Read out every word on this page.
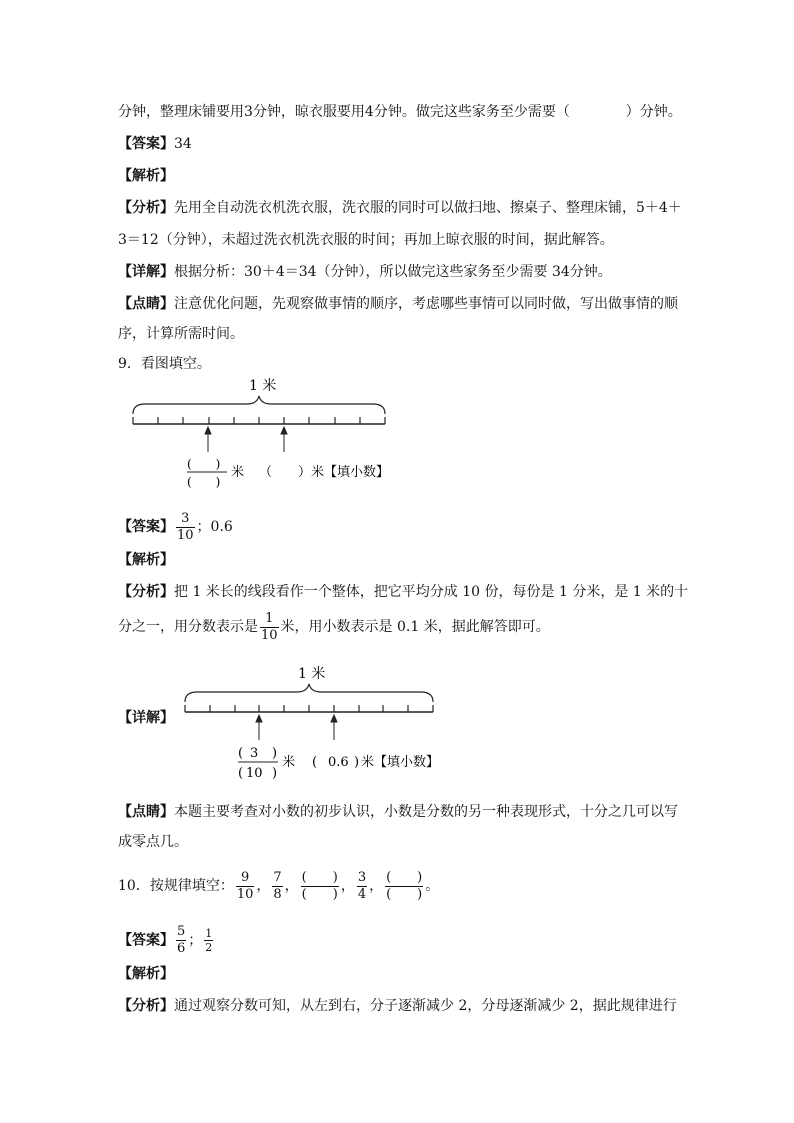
分钟，整理床铺要用3分钟，晾衣服要用4分钟。做完这些家务至少需要（　　　　）分钟。
【答案】34
【解析】
【分析】先用全自动洗衣机洗衣服，洗衣服的同时可以做扫地、擦桌子、整理床铺，5＋4＋
3＝12（分钟），未超过洗衣机洗衣服的时间；再加上晾衣服的时间，据此解答。
【详解】根据分析：30＋4＝34（分钟），所以做完这些家务至少需要 34分钟。
【点睛】注意优化问题，先观察做事情的顺序，考虑哪些事情可以同时做，写出做事情的顺
序，计算所需时间。
9．看图填空。
1 米
(　　)
(　　)
米 （　　）米【填小数】
【答案】 $\frac{3}{10}$ ；0.6
【解析】
【分析】把 1 米长的线段看作一个整体，把它平均分成 10 份，每份是 1 分米，是 1 米的十
分之一，用分数表示是 $\frac{1}{10}$ 米，用小数表示是 0.1 米，据此解答即可。
【详解】
1 米
( 3 )
( 10 )
米 ( 0.6 ) 米【填小数】
【点睛】本题主要考查对小数的初步认识，小数是分数的另一种表现形式，十分之几可以写
成零点几。
10．按规律填空： $\frac{9}{10}$ ， $\frac{7}{8}$ ， $\frac{( )}{( )}$ ， $\frac{3}{4}$ ， $\frac{( )}{( )}$ 。
【答案】 $\frac{5}{6}$ ； $\frac{1}{2}$
【解析】
【分析】通过观察分数可知，从左到右，分子逐渐减少 2，分母逐渐减少 2，据此规律进行
